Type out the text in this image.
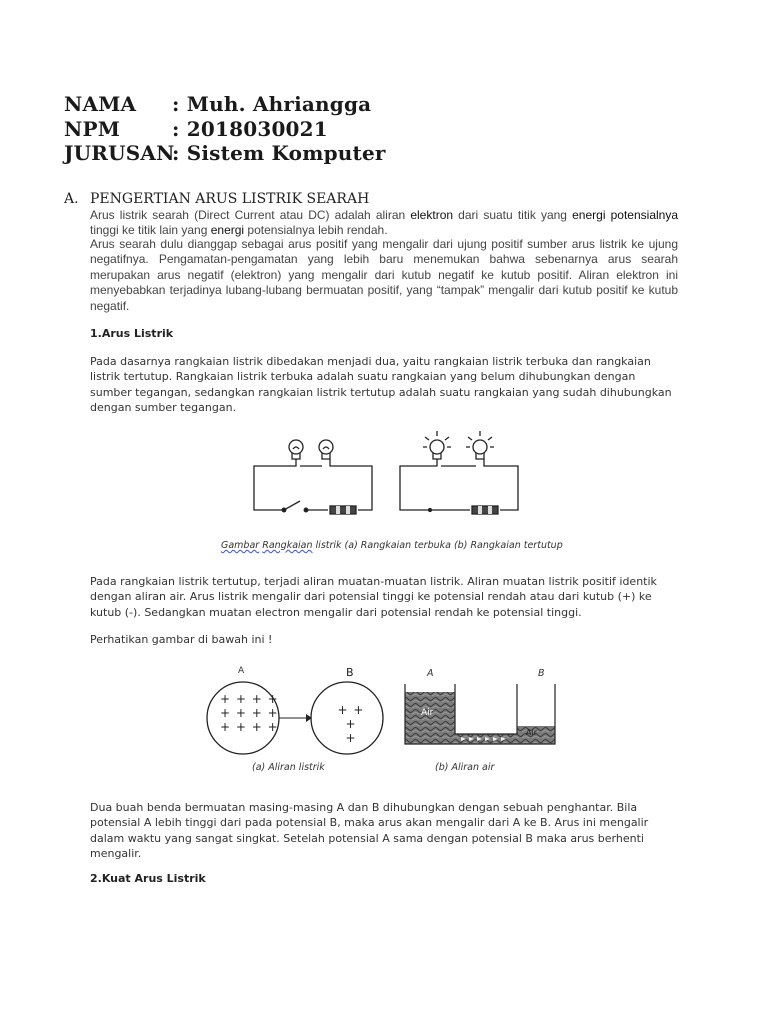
NAMA : Muh. Ahriangga
NPM	: 2018030021
JURUSAN: Sistem Komputer
A. PENGERTIAN ARUS LISTRIK SEARAH
Arus listrik searah (Direct Current atau DC) adalah aliran elektron dari suatu titik yang energi potensialnya tinggi ke titik lain yang energi potensialnya lebih rendah.
Arus searah dulu dianggap sebagai arus positif yang mengalir dari ujung positif sumber arus listrik ke ujung negatifnya. Pengamatan-pengamatan yang lebih baru menemukan bahwa sebenarnya arus searah merupakan arus negatif (elektron) yang mengalir dari kutub negatif ke kutub positif. Aliran elektron ini menyebabkan terjadinya lubang-lubang bermuatan positif, yang “tampak” mengalir dari kutub positif ke kutub negatif.
1.Arus Listrik
Pada dasarnya rangkaian listrik dibedakan menjadi dua, yaitu rangkaian listrik terbuka dan rangkaian listrik tertutup. Rangkaian listrik terbuka adalah suatu rangkaian yang belum dihubungkan dengan sumber tegangan, sedangkan rangkaian listrik tertutup adalah suatu rangkaian yang sudah dihubungkan dengan sumber tegangan.
Gambar Rangkaian listrik (a) Rangkaian terbuka (b) Rangkaian tertutup
Pada rangkaian listrik tertutup, terjadi aliran muatan-muatan listrik. Aliran muatan listrik positif identik dengan aliran air. Arus listrik mengalir dari potensial tinggi ke potensial rendah atau dari kutub (+) ke kutub (-). Sedangkan muatan electron mengalir dari potensial rendah ke potensial tinggi.
Perhatikan gambar di bawah ini !
A	B
+ + + +
+ + + +
+ + + +
+ + +
+
A	B
Air
Air
(a) Aliran listrik	(b) Aliran air
Dua buah benda bermuatan masing-masing A dan B dihubungkan dengan sebuah penghantar. Bila potensial A lebih tinggi dari pada potensial B, maka arus akan mengalir dari A ke B. Arus ini mengalir dalam waktu yang sangat singkat. Setelah potensial A sama dengan potensial B maka arus berhenti mengalir.
2.Kuat Arus Listrik
